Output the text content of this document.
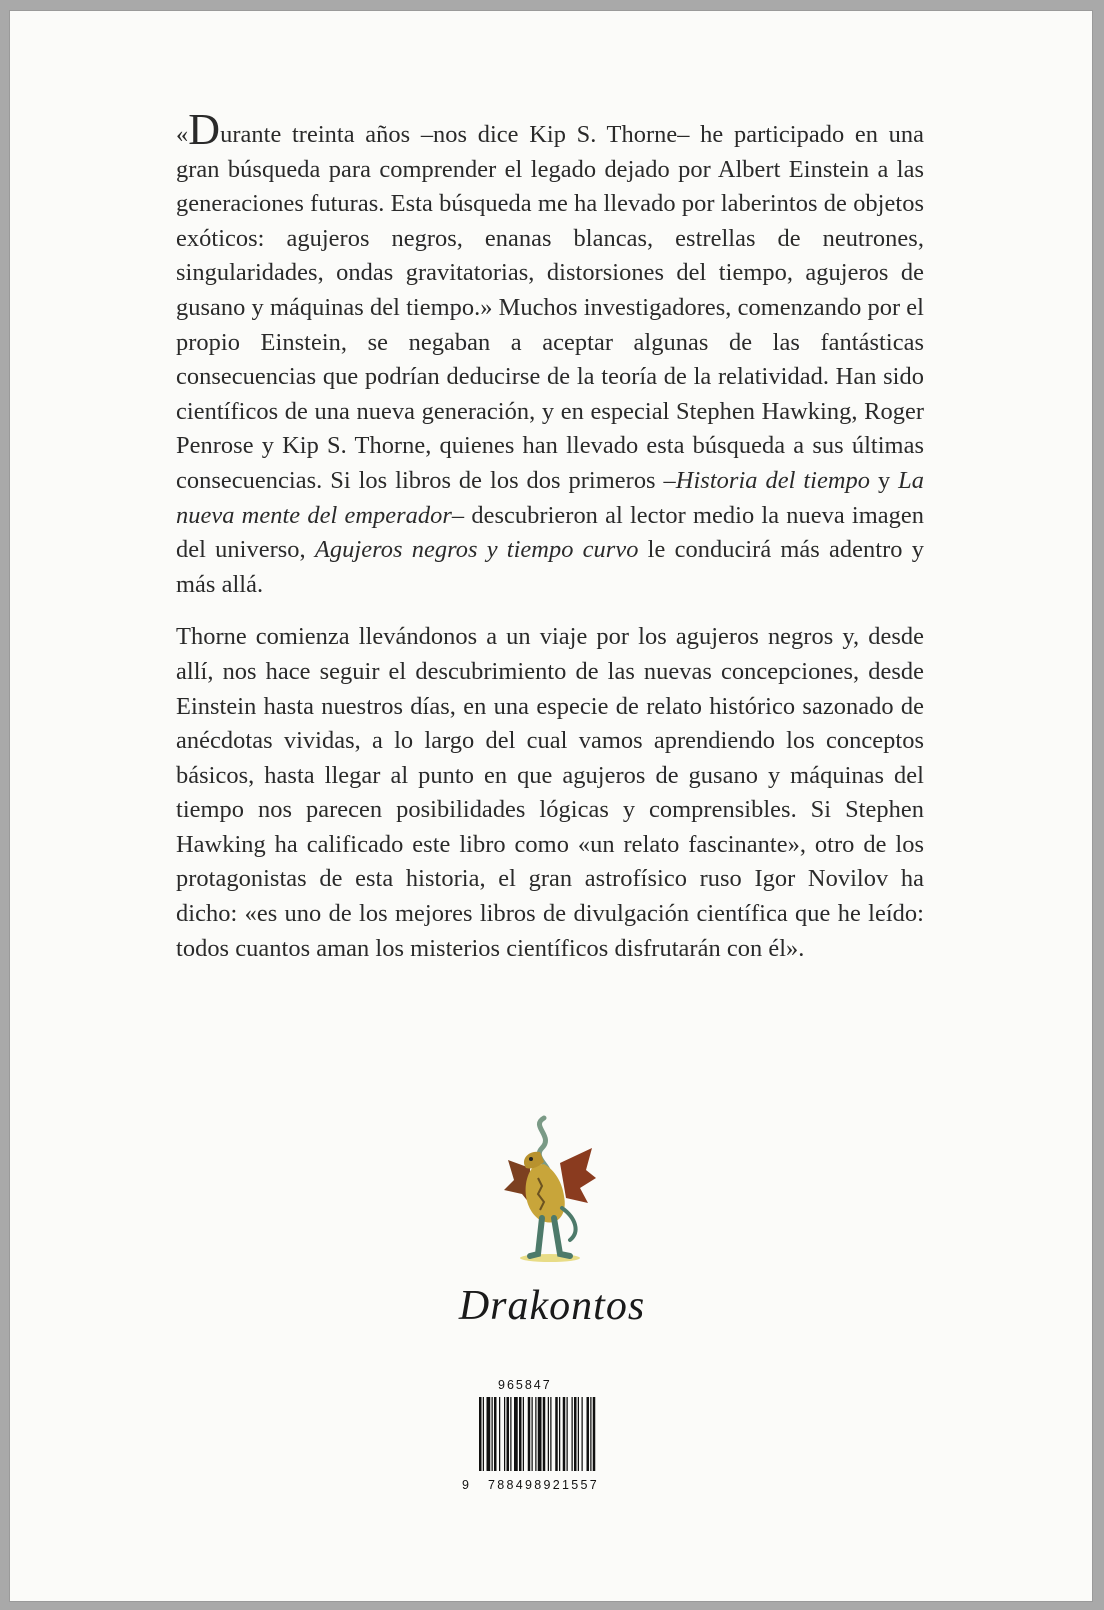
«Durante treinta años –nos dice Kip S. Thorne– he participado en una gran búsqueda para comprender el legado dejado por Albert Einstein a las generaciones futuras. Esta búsqueda me ha llevado por laberintos de objetos exóticos: agujeros negros, enanas blancas, estrellas de neutrones, singularidades, ondas gravitatorias, distorsiones del tiempo, agujeros de gusano y máquinas del tiempo.» Muchos investigadores, comenzando por el propio Einstein, se negaban a aceptar algunas de las fantásticas consecuencias que podrían deducirse de la teoría de la relatividad. Han sido científicos de una nueva generación, y en especial Stephen Hawking, Roger Penrose y Kip S. Thorne, quienes han llevado esta búsqueda a sus últimas consecuencias. Si los libros de los dos primeros –Historia del tiempo y La nueva mente del emperador– descubrieron al lector medio la nueva imagen del universo, Agujeros negros y tiempo curvo le conducirá más adentro y más allá.

Thorne comienza llevándonos a un viaje por los agujeros negros y, desde allí, nos hace seguir el descubrimiento de las nuevas concepciones, desde Einstein hasta nuestros días, en una especie de relato histórico sazonado de anécdotas vividas, a lo largo del cual vamos aprendiendo los conceptos básicos, hasta llegar al punto en que agujeros de gusano y máquinas del tiempo nos parecen posibilidades lógicas y comprensibles. Si Stephen Hawking ha calificado este libro como «un relato fascinante», otro de los protagonistas de esta historia, el gran astrofísico ruso Igor Novilov ha dicho: «es uno de los mejores libros de divulgación científica que he leído: todos cuantos aman los misterios científicos disfrutarán con él».

Drakontos
965847
9 788498921557
